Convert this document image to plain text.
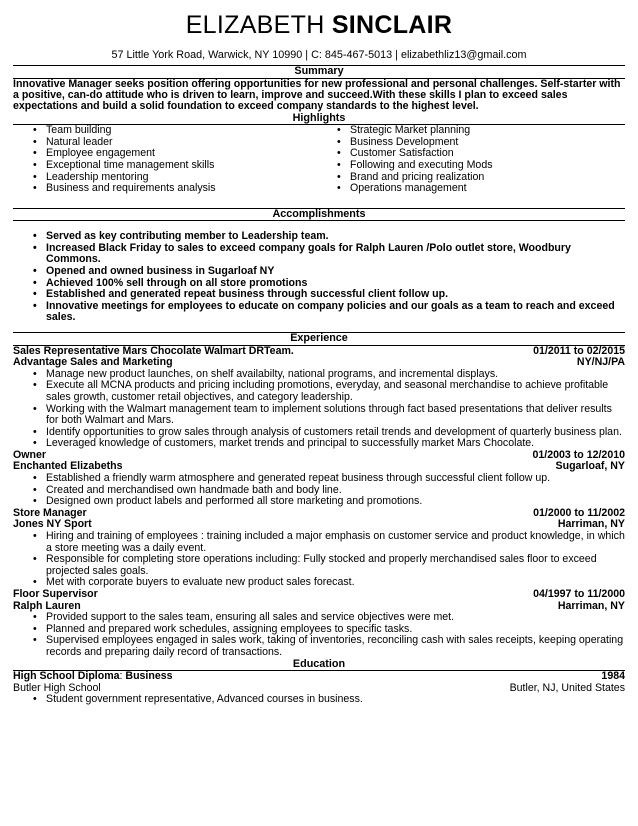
ELIZABETH SINCLAIR
57 Little York Road, Warwick, NY 10990 | C: 845-467-5013 | elizabethliz13@gmail.com
Summary
Innovative Manager seeks position offering opportunities for new professional and personal challenges. Self-starter with a positive, can-do attitude who is driven to learn, improve and succeed.With these skills I plan to exceed sales expectations and build a solid foundation to exceed company standards to the highest level.
Highlights
• Team building
• Natural leader
• Employee engagement
• Exceptional time management skills
• Leadership mentoring
• Business and requirements analysis
• Strategic Market planning
• Business Development
• Customer Satisfaction
• Following and executing Mods
• Brand and pricing realization
• Operations management
Accomplishments
• Served as key contributing member to Leadership team.
• Increased Black Friday to sales to exceed company goals for Ralph Lauren /Polo outlet store, Woodbury Commons.
• Opened and owned business in Sugarloaf NY
• Achieved 100% sell through on all store promotions
• Established and generated repeat business through successful client follow up.
• Innovative meetings for employees to educate on company policies and our goals as a team to reach and exceed sales.
Experience
Sales Representative Mars Chocolate Walmart DRTeam.	01/2011 to 02/2015
Advantage Sales and Marketing	NY/NJ/PA
• Manage new product launches, on shelf availabilty, national programs, and incremental displays.
• Execute all MCNA products and pricing including promotions, everyday, and seasonal merchandise to achieve profitable sales growth, customer retail objectives, and category leadership.
• Working with the Walmart management team to implement solutions through fact based presentations that deliver results for both Walmart and Mars.
• Identify opportunities to grow sales through analysis of customers retail trends and development of quarterly business plan.
• Leveraged knowledge of customers, market trends and principal to successfully market Mars Chocolate.
Owner	01/2003 to 12/2010
Enchanted Elizabeths	Sugarloaf, NY
• Established a friendly warm atmosphere and generated repeat business through successful client follow up.
• Created and merchandised own handmade bath and body line.
• Designed own product labels and performed all store marketing and promotions.
Store Manager	01/2000 to 11/2002
Jones NY Sport	Harriman, NY
• Hiring and training of employees : training included a major emphasis on customer service and product knowledge, in which a store meeting was a daily event.
• Responsible for completing store operations including: Fully stocked and properly merchandised sales floor to exceed projected sales goals.
• Met with corporate buyers to evaluate new product sales forecast.
Floor Supervisor	04/1997 to 11/2000
Ralph Lauren	Harriman, NY
• Provided support to the sales team, ensuring all sales and service objectives were met.
• Planned and prepared work schedules, assigning employees to specific tasks.
• Supervised employees engaged in sales work, taking of inventories, reconciling cash with sales receipts, keeping operating records and preparing daily record of transactions.
Education
High School Diploma: Business	1984
Butler High School	Butler, NJ, United States
• Student government representative, Advanced courses in business.
